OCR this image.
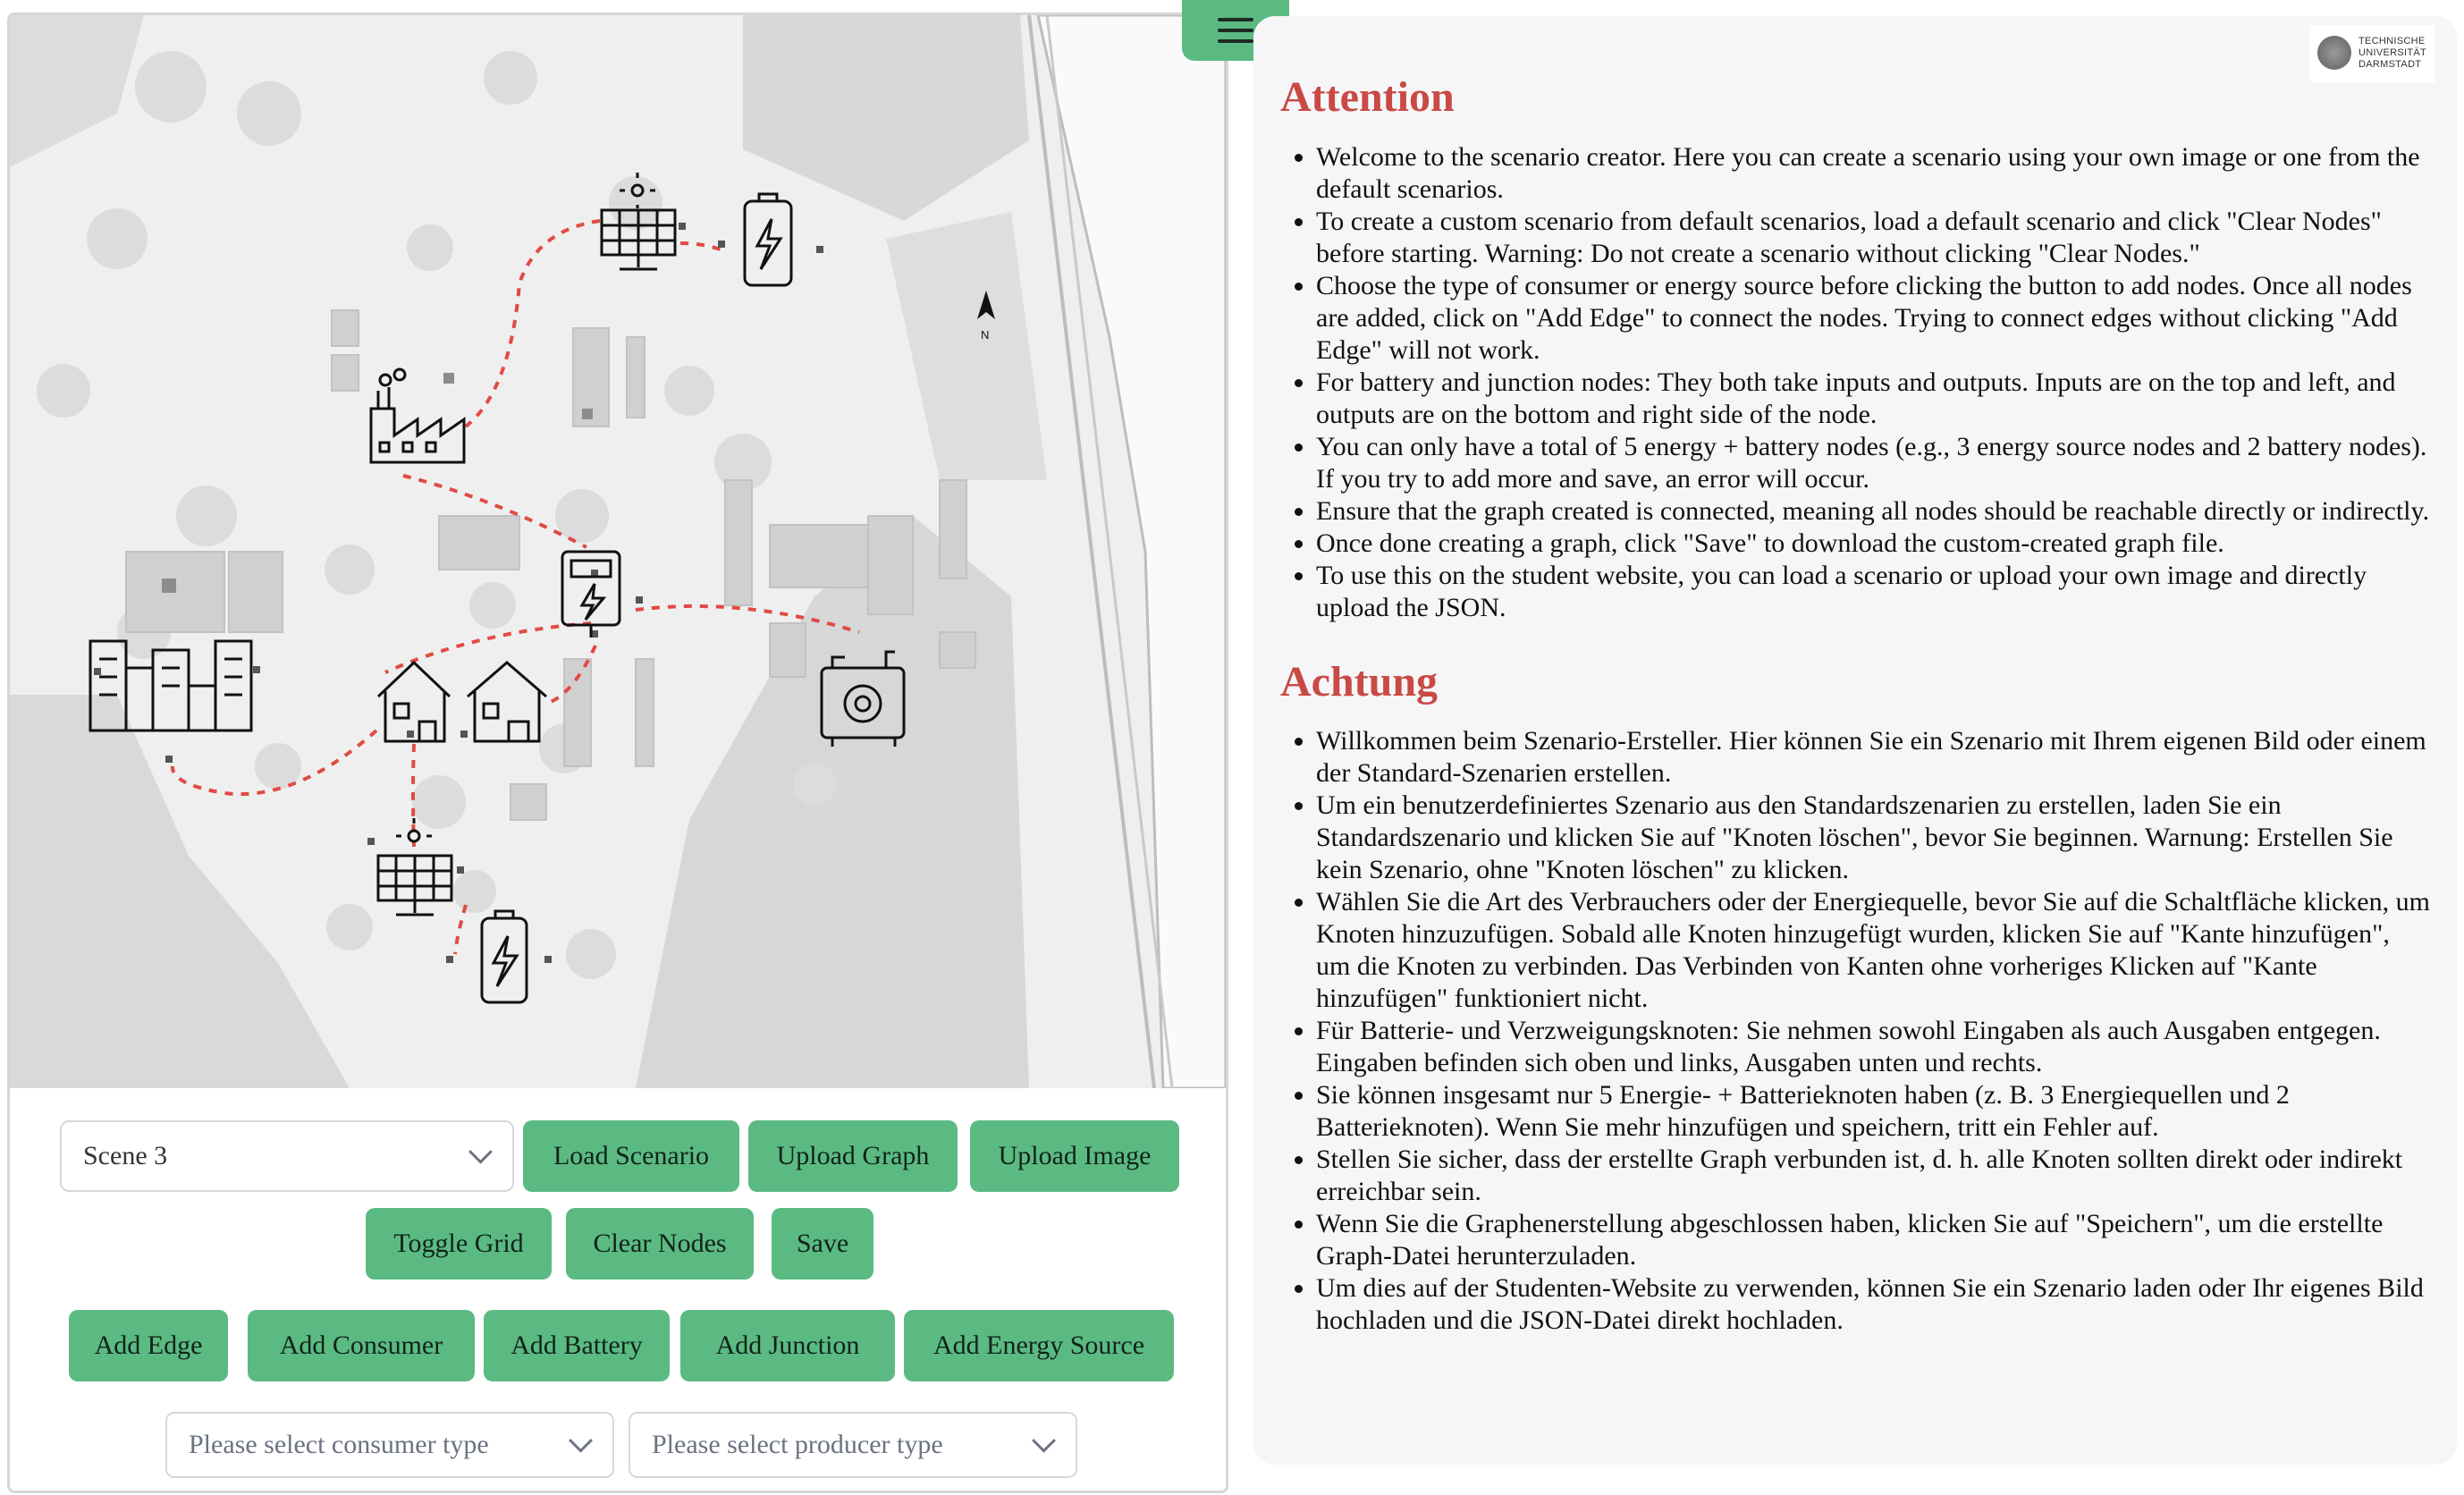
N
Scene 3	Load Scenario	Upload Graph	Upload Image
Toggle Grid	Clear Nodes	Save
Add Edge	Add Consumer	Add Battery	Add Junction	Add Energy Source
Please select consumer type	Please select producer type
TECHNISCHE
UNIVERSITÄT
DARMSTADT
Attention
• Welcome to the scenario creator. Here you can create a scenario using your own image or one from the default scenarios.
• To create a custom scenario from default scenarios, load a default scenario and click "Clear Nodes" before starting. Warning: Do not create a scenario without clicking "Clear Nodes."
• Choose the type of consumer or energy source before clicking the button to add nodes. Once all nodes are added, click on "Add Edge" to connect the nodes. Trying to connect edges without clicking "Add Edge" will not work.
• For battery and junction nodes: They both take inputs and outputs. Inputs are on the top and left, and outputs are on the bottom and right side of the node.
• You can only have a total of 5 energy + battery nodes (e.g., 3 energy source nodes and 2 battery nodes). If you try to add more and save, an error will occur.
• Ensure that the graph created is connected, meaning all nodes should be reachable directly or indirectly.
• Once done creating a graph, click "Save" to download the custom-created graph file.
• To use this on the student website, you can load a scenario or upload your own image and directly upload the JSON.
Achtung
• Willkommen beim Szenario-Ersteller. Hier können Sie ein Szenario mit Ihrem eigenen Bild oder einem der Standard-Szenarien erstellen.
• Um ein benutzerdefiniertes Szenario aus den Standardszenarien zu erstellen, laden Sie ein Standardszenario und klicken Sie auf "Knoten löschen", bevor Sie beginnen. Warnung: Erstellen Sie kein Szenario, ohne "Knoten löschen" zu klicken.
• Wählen Sie die Art des Verbrauchers oder der Energiequelle, bevor Sie auf die Schaltfläche klicken, um Knoten hinzuzufügen. Sobald alle Knoten hinzugefügt wurden, klicken Sie auf "Kante hinzufügen", um die Knoten zu verbinden. Das Verbinden von Kanten ohne vorheriges Klicken auf "Kante hinzufügen" funktioniert nicht.
• Für Batterie- und Verzweigungsknoten: Sie nehmen sowohl Eingaben als auch Ausgaben entgegen. Eingaben befinden sich oben und links, Ausgaben unten und rechts.
• Sie können insgesamt nur 5 Energie- + Batterieknoten haben (z. B. 3 Energiequellen und 2 Batterieknoten). Wenn Sie mehr hinzufügen und speichern, tritt ein Fehler auf.
• Stellen Sie sicher, dass der erstellte Graph verbunden ist, d. h. alle Knoten sollten direkt oder indirekt erreichbar sein.
• Wenn Sie die Graphenerstellung abgeschlossen haben, klicken Sie auf "Speichern", um die erstellte Graph-Datei herunterzuladen.
• Um dies auf der Studenten-Website zu verwenden, können Sie ein Szenario laden oder Ihr eigenes Bild hochladen und die JSON-Datei direkt hochladen.
